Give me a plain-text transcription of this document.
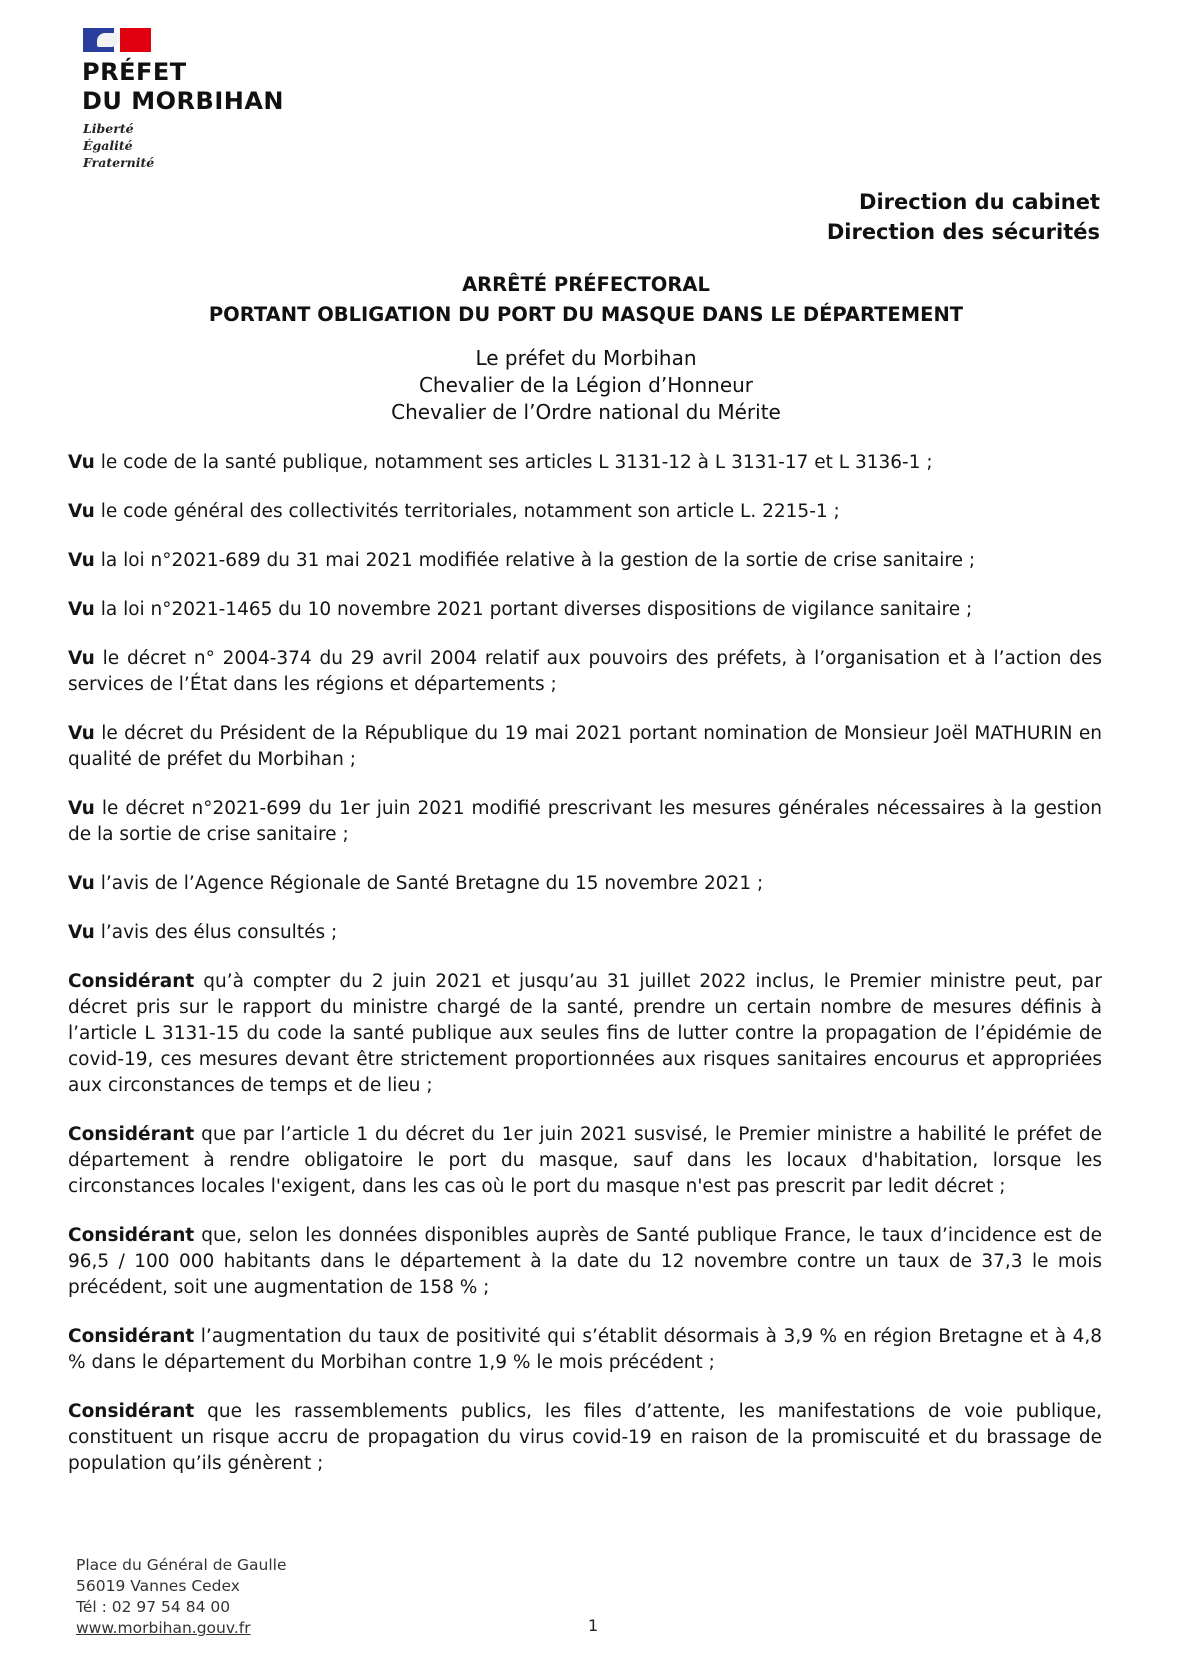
PRÉFET
DU MORBIHAN
Liberté
Égalité
Fraternité
Direction du cabinet
Direction des sécurités
ARRÊTÉ PRÉFECTORAL
PORTANT OBLIGATION DU PORT DU MASQUE DANS LE DÉPARTEMENT
Le préfet du Morbihan
Chevalier de la Légion d’Honneur
Chevalier de l’Ordre national du Mérite

Vu le code de la santé publique, notamment ses articles L 3131-12 à L 3131-17 et L 3136-1 ;

Vu le code général des collectivités territoriales, notamment son article L. 2215-1 ;

Vu la loi n°2021-689 du 31 mai 2021 modifiée relative à la gestion de la sortie de crise sanitaire ;

Vu la loi n°2021-1465 du 10 novembre 2021 portant diverses dispositions de vigilance sanitaire ;

Vu le décret n° 2004-374 du 29 avril 2004 relatif aux pouvoirs des préfets, à l’organisation et à l’action des services de l’État dans les régions et départements ;

Vu le décret du Président de la République du 19 mai 2021 portant nomination de Monsieur Joël MATHURIN en qualité de préfet du Morbihan ;

Vu le décret n°2021-699 du 1er juin 2021 modifié prescrivant les mesures générales nécessaires à la gestion de la sortie de crise sanitaire ;

Vu l’avis de l’Agence Régionale de Santé Bretagne du 15 novembre 2021 ;

Vu l’avis des élus consultés ;

Considérant qu’à compter du 2 juin 2021 et jusqu’au 31 juillet 2022 inclus, le Premier ministre peut, par décret pris sur le rapport du ministre chargé de la santé, prendre un certain nombre de mesures définis à l’article L 3131-15 du code la santé publique aux seules fins de lutter contre la propagation de l’épidémie de covid-19, ces mesures devant être strictement proportionnées aux risques sanitaires encourus et appropriées aux circonstances de temps et de lieu ;

Considérant que par l’article 1 du décret du 1er juin 2021 susvisé, le Premier ministre a habilité le préfet de département à rendre obligatoire le port du masque, sauf dans les locaux d'habitation, lorsque les circonstances locales l'exigent, dans les cas où le port du masque n'est pas prescrit par ledit décret ;

Considérant que, selon les données disponibles auprès de Santé publique France, le taux d’incidence est de 96,5 / 100 000 habitants dans le département à la date du 12 novembre contre un taux de 37,3 le mois précédent, soit une augmentation de 158 % ;

Considérant l’augmentation du taux de positivité qui s’établit désormais à 3,9 % en région Bretagne et à 4,8 % dans le département du Morbihan contre 1,9 % le mois précédent ;

Considérant que les rassemblements publics, les files d’attente, les manifestations de voie publique, constituent un risque accru de propagation du virus covid-19 en raison de la promiscuité et du brassage de population qu’ils génèrent ;

Place du Général de Gaulle
56019 Vannes Cedex
Tél : 02 97 54 84 00
www.morbihan.gouv.fr	1
